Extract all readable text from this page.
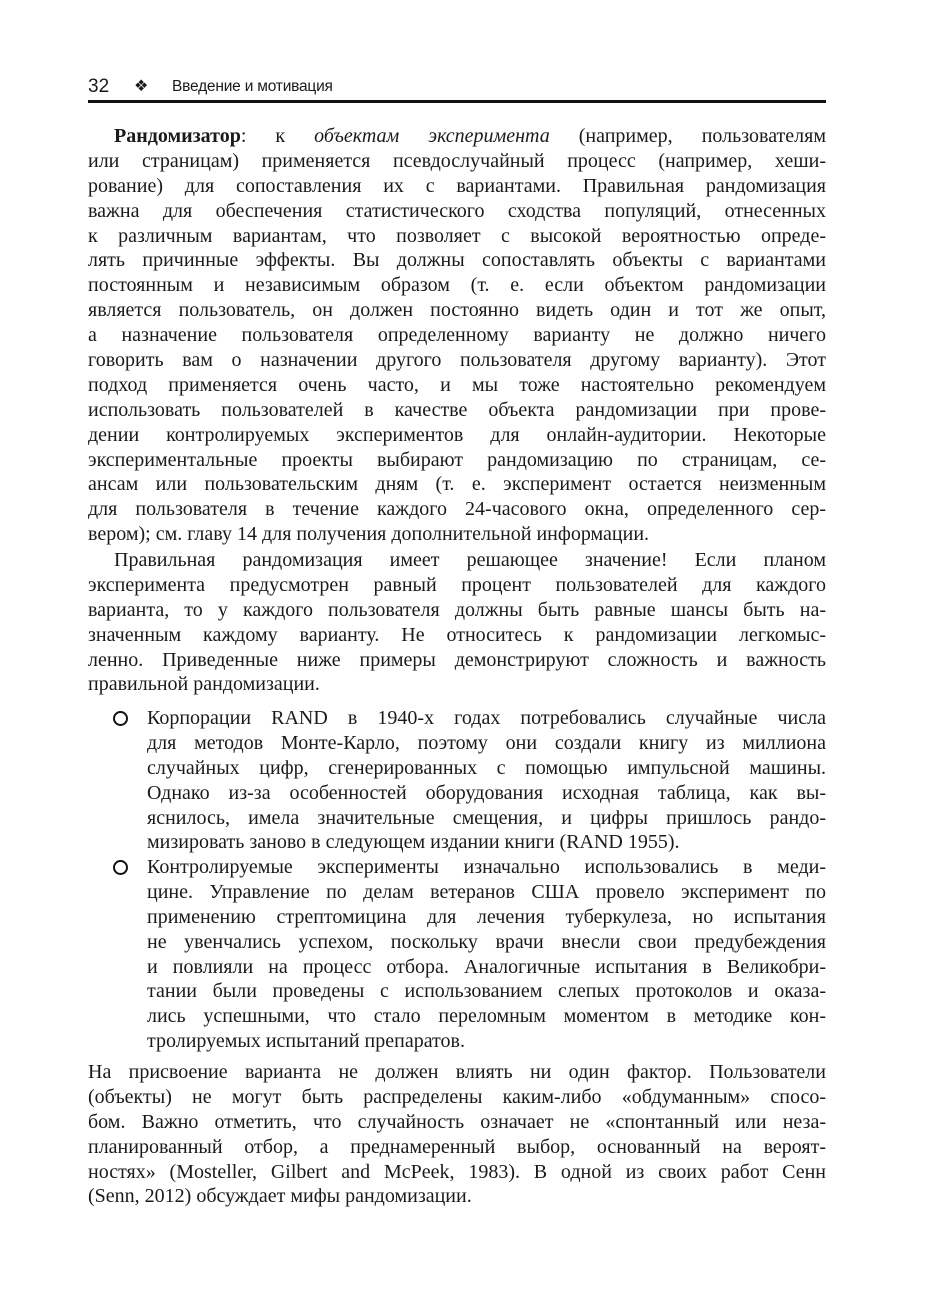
32 ❖ Введение и мотивация
Рандомизатор: к объектам эксперимента (например, пользователям
или страницам) применяется псевдослучайный процесс (например, хеши-
рование) для сопоставления их с вариантами. Правильная рандомизация
важна для обеспечения статистического сходства популяций, отнесенных
к различным вариантам, что позволяет с высокой вероятностью опреде-
лять причинные эффекты. Вы должны сопоставлять объекты с вариантами
постоянным и независимым образом (т. е. если объектом рандомизации
является пользователь, он должен постоянно видеть один и тот же опыт,
а назначение пользователя определенному варианту не должно ничего
говорить вам о назначении другого пользователя другому варианту). Этот
подход применяется очень часто, и мы тоже настоятельно рекомендуем
использовать пользователей в качестве объекта рандомизации при прове-
дении контролируемых экспериментов для онлайн-аудитории. Некоторые
экспериментальные проекты выбирают рандомизацию по страницам, се-
ансам или пользовательским дням (т. е. эксперимент остается неизменным
для пользователя в течение каждого 24-часового окна, определенного сер-
вером); см. главу 14 для получения дополнительной информации.
Правильная рандомизация имеет решающее значение! Если планом
эксперимента предусмотрен равный процент пользователей для каждого
варианта, то у каждого пользователя должны быть равные шансы быть на-
значенным каждому варианту. Не относитесь к рандомизации легкомыс-
ленно. Приведенные ниже примеры демонстрируют сложность и важность
правильной рандомизации.
Корпорации RAND в 1940-х годах потребовались случайные числа
для методов Монте-Карло, поэтому они создали книгу из миллиона
случайных цифр, сгенерированных с помощью импульсной машины.
Однако из-за особенностей оборудования исходная таблица, как вы-
яснилось, имела значительные смещения, и цифры пришлось рандо-
мизировать заново в следующем издании книги (RAND 1955).
Контролируемые эксперименты изначально использовались в меди-
цине. Управление по делам ветеранов США провело эксперимент по
применению стрептомицина для лечения туберкулеза, но испытания
не увенчались успехом, поскольку врачи внесли свои предубеждения
и повлияли на процесс отбора. Аналогичные испытания в Великобри-
тании были проведены с использованием слепых протоколов и оказа-
лись успешными, что стало переломным моментом в методике кон-
тролируемых испытаний препаратов.
На присвоение варианта не должен влиять ни один фактор. Пользователи
(объекты) не могут быть распределены каким-либо «обдуманным» спосо-
бом. Важно отметить, что случайность означает не «спонтанный или неза-
планированный отбор, а преднамеренный выбор, основанный на вероят-
ностях» (Mosteller, Gilbert and McPeek, 1983). В одной из своих работ Сенн
(Senn, 2012) обсуждает мифы рандомизации.
